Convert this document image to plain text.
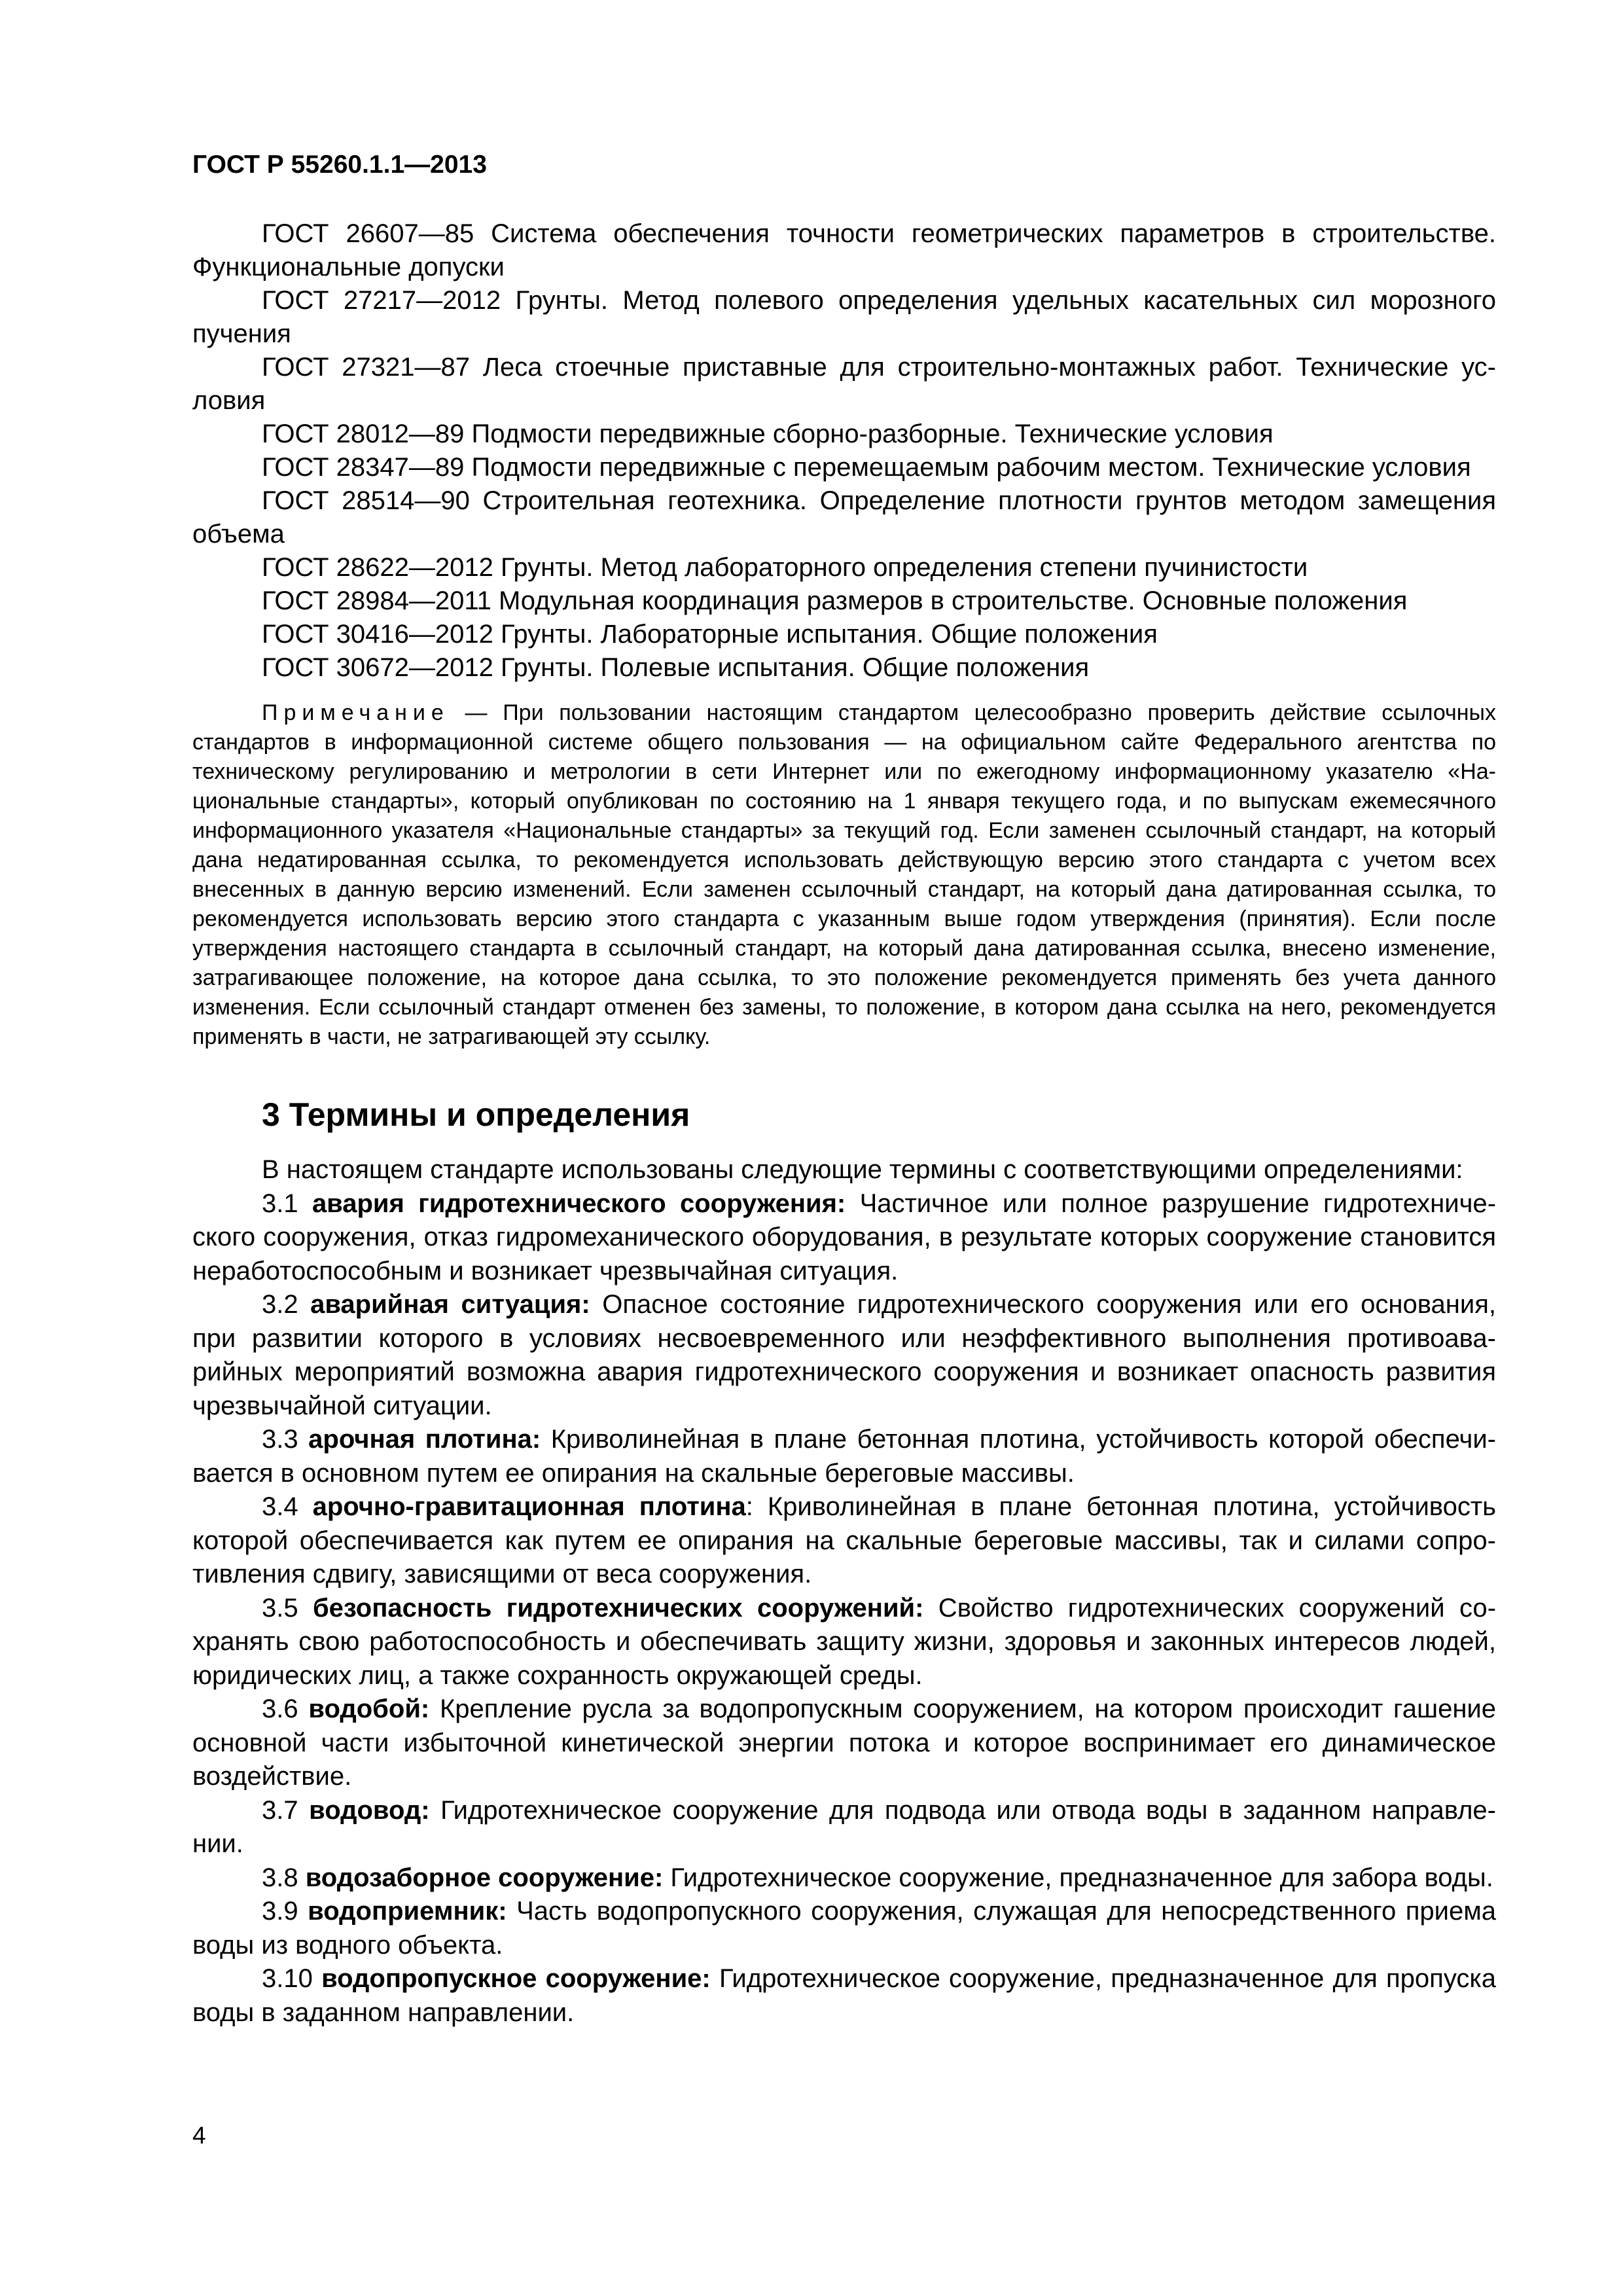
ГОСТ Р 55260.1.1—2013

ГОСТ 26607—85 Система обеспечения точности геометрических параметров в строительстве. Функциональные допуски

ГОСТ 27217—2012 Грунты. Метод полевого определения удельных касательных сил морозного пучения

ГОСТ 27321—87 Леса стоечные приставные для строительно-монтажных работ. Технические условия

ГОСТ 28012—89 Подмости передвижные сборно-разборные. Технические условия

ГОСТ 28347—89 Подмости передвижные с перемещаемым рабочим местом. Технические условия

ГОСТ 28514—90 Строительная геотехника. Определение плотности грунтов методом замещения объема

ГОСТ 28622—2012 Грунты. Метод лабораторного определения степени пучинистости

ГОСТ 28984—2011 Модульная координация размеров в строительстве. Основные положения

ГОСТ 30416—2012 Грунты. Лабораторные испытания. Общие положения

ГОСТ 30672—2012 Грунты. Полевые испытания. Общие положения

Примечание — При пользовании настоящим стандартом целесообразно проверить действие ссылочных стандартов в информационной системе общего пользования — на официальном сайте Федерального агентства по техническому регулированию и метрологии в сети Интернет или по ежегодному информационному указателю «Национальные стандарты», который опубликован по состоянию на 1 января текущего года, и по выпускам ежемесячного информационного указателя «Национальные стандарты» за текущий год. Если заменен ссылочный стандарт, на который дана недатированная ссылка, то рекомендуется использовать действующую версию этого стандарта с учетом всех внесенных в данную версию изменений. Если заменен ссылочный стандарт, на который дана датированная ссылка, то рекомендуется использовать версию этого стандарта с указанным выше годом утверждения (принятия). Если после утверждения настоящего стандарта в ссылочный стандарт, на который дана датированная ссылка, внесено изменение, затрагивающее положение, на которое дана ссылка, то это положение рекомендуется применять без учета данного изменения. Если ссылочный стандарт отменен без замены, то положение, в котором дана ссылка на него, рекомендуется применять в части, не затрагивающей эту ссылку.
3 Термины и определения

В настоящем стандарте использованы следующие термины с соответствующими определениями:

3.1 авария гидротехнического сооружения: Частичное или полное разрушение гидротехнического сооружения, отказ гидромеханического оборудования, в результате которых сооружение становится неработоспособным и возникает чрезвычайная ситуация.

3.2 аварийная ситуация: Опасное состояние гидротехнического сооружения или его основания, при развитии которого в условиях несвоевременного или неэффективного выполнения противоаварийных мероприятий возможна авария гидротехнического сооружения и возникает опасность развития чрезвычайной ситуации.

3.3 арочная плотина: Криволинейная в плане бетонная плотина, устойчивость которой обеспечивается в основном путем ее опирания на скальные береговые массивы.

3.4 арочно-гравитационная плотина: Криволинейная в плане бетонная плотина, устойчивость которой обеспечивается как путем ее опирания на скальные береговые массивы, так и силами сопротивления сдвигу, зависящими от веса сооружения.

3.5 безопасность гидротехнических сооружений: Свойство гидротехнических сооружений сохранять свою работоспособность и обеспечивать защиту жизни, здоровья и законных интересов людей, юридических лиц, а также сохранность окружающей среды.

3.6 водобой: Крепление русла за водопропускным сооружением, на котором происходит гашение основной части избыточной кинетической энергии потока и которое воспринимает его динамическое воздействие.

3.7 водовод: Гидротехническое сооружение для подвода или отвода воды в заданном направлении.

3.8 водозаборное сооружение: Гидротехническое сооружение, предназначенное для забора воды.

3.9 водоприемник: Часть водопропускного сооружения, служащая для непосредственного приема воды из водного объекта.

3.10 водопропускное сооружение: Гидротехническое сооружение, предназначенное для пропуска воды в заданном направлении.

4
